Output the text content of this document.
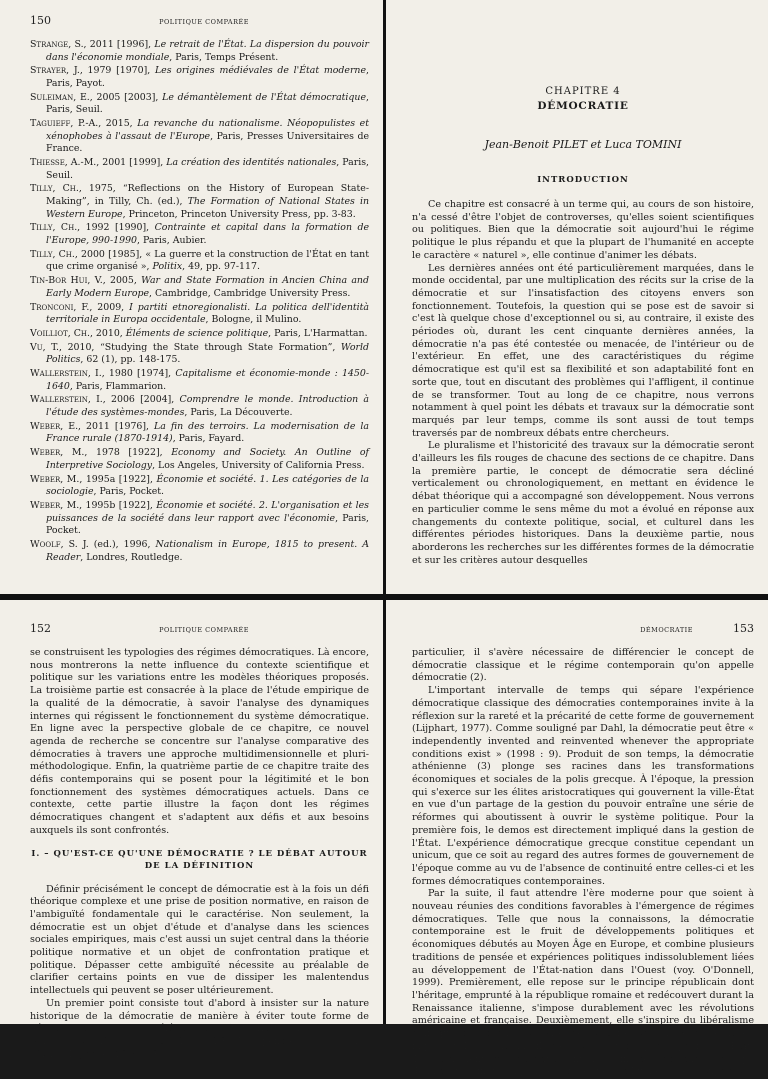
150	POLITIQUE COMPARÉE
Strange, S., 2011 [1996], Le retrait de l'État. La dispersion du pouvoir dans l'économie mondiale, Paris, Temps Présent.
Strayer, J., 1979 [1970], Les origines médiévales de l'État moderne, Paris, Payot.
Suleiman, E., 2005 [2003], Le démantèlement de l'État démocratique, Paris, Seuil.
Taguieff, P.-A., 2015, La revanche du nationalisme. Néopopulistes et xénophobes à l'assaut de l'Europe, Paris, Presses Universitaires de France.
Thiesse, A.-M., 2001 [1999], La création des identités nationales, Paris, Seuil.
Tilly, Ch., 1975, “Reflections on the History of European State-Making”, in Tilly, Ch. (ed.), The Formation of National States in Western Europe, Princeton, Princeton University Press, pp. 3-83.
Tilly, Ch., 1992 [1990], Contrainte et capital dans la formation de l'Europe, 990-1990, Paris, Aubier.
Tilly, Ch., 2000 [1985], « La guerre et la construction de l'État en tant que crime organisé », Politix, 49, pp. 97-117.
Tin-Bor Hui, V., 2005, War and State Formation in Ancien China and Early Modern Europe, Cambridge, Cambridge University Press.
Tronconi, F., 2009, I partiti etnoregionalisti. La politica dell'identità territoriale in Europa occidentale, Bologne, il Mulino.
Voilliot, Ch., 2010, Éléments de science politique, Paris, L'Harmattan.
Vu, T., 2010, “Studying the State through State Formation”, World Politics, 62 (1), pp. 148-175.
Wallerstein, I., 1980 [1974], Capitalisme et économie-monde : 1450-1640, Paris, Flammarion.
Wallerstein, I., 2006 [2004], Comprendre le monde. Introduction à l'étude des systèmes-mondes, Paris, La Découverte.
Weber, E., 2011 [1976], La fin des terroirs. La modernisation de la France rurale (1870-1914), Paris, Fayard.
Weber, M., 1978 [1922], Economy and Society. An Outline of Interpretive Sociology, Los Angeles, University of California Press.
Weber, M., 1995a [1922], Économie et société. 1. Les catégories de la sociologie, Paris, Pocket.
Weber, M., 1995b [1922], Économie et société. 2. L'organisation et les puissances de la société dans leur rapport avec l'économie, Paris, Pocket.
Woolf, S. J. (ed.), 1996, Nationalism in Europe, 1815 to present. A Reader, Londres, Routledge.
CHAPITRE 4
DÉMOCRATIE
Jean-Benoit PILET et Luca TOMINI
INTRODUCTION

Ce chapitre est consacré à un terme qui, au cours de son histoire, n'a cessé d'être l'objet de controverses, qu'elles soient scientifiques ou politiques. Bien que la démocratie soit aujourd'hui le régime politique le plus répandu et que la plupart de l'humanité en accepte le caractère « naturel », elle continue d'animer les débats.

Les dernières années ont été particulièrement marquées, dans le monde occidental, par une multiplication des récits sur la crise de la démocratie et sur l'insatisfaction des citoyens envers son fonctionnement. Toutefois, la question qui se pose est de savoir si c'est là quelque chose d'exceptionnel ou si, au contraire, il existe des périodes où, durant les cent cinquante dernières années, la démocratie n'a pas été contestée ou menacée, de l'intérieur ou de l'extérieur. En effet, une des caractéristiques du régime démocratique est qu'il est sa flexibilité et son adaptabilité font en sorte que, tout en discutant des problèmes qui l'affligent, il continue de se transformer. Tout au long de ce chapitre, nous verrons notamment à quel point les débats et travaux sur la démocratie sont marqués par leur temps, comme ils sont aussi de tout temps traversés par de nombreux débats entre chercheurs.

Le pluralisme et l'historicité des travaux sur la démocratie seront d'ailleurs les fils rouges de chacune des sections de ce chapitre. Dans la première partie, le concept de démocratie sera décliné verticalement ou chronologiquement, en mettant en évidence le débat théorique qui a accompagné son développement. Nous verrons en particulier comme le sens même du mot a évolué en réponse aux changements du contexte politique, social, et culturel dans les différentes périodes historiques. Dans la deuxième partie, nous aborderons les recherches sur les différentes formes de la démocratie et sur les critères autour desquelles

152	POLITIQUE COMPARÉE

se construisent les typologies des régimes démocratiques. Là encore, nous montrerons la nette influence du contexte scientifique et politique sur les variations entre les modèles théoriques proposés. La troisième partie est consacrée à la place de l'étude empirique de la qualité de la démocratie, à savoir l'analyse des dynamiques internes qui régissent le fonctionnement du système démocratique. En ligne avec la perspective globale de ce chapitre, ce nouvel agenda de recherche se concentre sur l'analyse comparative des démocraties à travers une approche multidimensionnelle et pluri-méthodologique. Enfin, la quatrième partie de ce chapitre traite des défis contemporains qui se posent pour la légitimité et le bon fonctionnement des systèmes démocratiques actuels. Dans ce contexte, cette partie illustre la façon dont les régimes démocratiques changent et s'adaptent aux défis et aux besoins auxquels ils sont confrontés.

I. – QU'EST-CE QU'UNE DÉMOCRATIE ? LE DÉBAT AUTOUR
DE LA DÉFINITION

Définir précisément le concept de démocratie est à la fois un défi théorique complexe et une prise de position normative, en raison de l'ambiguïté fondamentale qui le caractérise. Non seulement, la démocratie est un objet d'étude et d'analyse dans les sciences sociales empiriques, mais c'est aussi un sujet central dans la théorie politique normative et un objet de confrontation pratique et politique. Dépasser cette ambiguïté nécessite au préalable de clarifier certains points en vue de dissiper les malentendus intellectuels qui peuvent se poser ultérieurement.

Un premier point consiste tout d'abord à insister sur la nature historique de la démocratie de manière à éviter toute forme de dérives historicistes et téléologiques (voy. Hegel, 1939 [1807] ; Marx, 1983 [1867] ; Croce, 1968 [1912] ; Spengler, 1958 [1918-1921] ; Toynbee, 1934, 1939,

DÉMOCRATIE	153

particulier, il s'avère nécessaire de différencier le concept de démocratie classique et le régime contemporain qu'on appelle démocratie (2).

L'important intervalle de temps qui sépare l'expérience démocratique classique des démocraties contemporaines invite à la réflexion sur la rareté et la précarité de cette forme de gouvernement (Lijphart, 1977). Comme souligné par Dahl, la démocratie peut être « independently invented and reinvented whenever the appropriate conditions exist » (1998 : 9). Produit de son temps, la démocratie athénienne (3) plonge ses racines dans les transformations économiques et sociales de la polis grecque. À l'époque, la pression qui s'exerce sur les élites aristocratiques qui gouvernent la ville-État en vue d'un partage de la gestion du pouvoir entraîne une série de réformes qui aboutissent à ouvrir le système politique. Pour la première fois, le demos est directement impliqué dans la gestion de l'État. L'expérience démocratique grecque constitue cependant un unicum, que ce soit au regard des autres formes de gouvernement de l'époque comme au vu de l'absence de continuité entre celles-ci et les formes démocratiques contemporaines.

Par la suite, il faut attendre l'ère moderne pour que soient à nouveau réunies des conditions favorables à l'émergence de régimes démocratiques. Telle que nous la connaissons, la démocratie contemporaine est le fruit de développements politiques et économiques débutés au Moyen Âge en Europe, et combine plusieurs traditions de pensée et expériences politiques indissolublement liées au développement de l'État-nation dans l'Ouest (voy. O'Donnell, 1999). Premièrement, elle repose sur le principe républicain dont l'héritage, emprunté à la république romaine et redécouvert durant la Renaissance italienne, s'impose durablement avec les révolutions américaine et française. Deuxièmement, elle s'inspire du libéralisme politique qui, depuis le XVIIe siècle, caractérise l'ère moderne en imposant l'idée de la liberté de l'individu par rapport à l'État. Troisièmement, la démocratie contemporaine se fonde sur le principe de la souveraineté du peuple, qui dérive des Lumières, et s'exprime
